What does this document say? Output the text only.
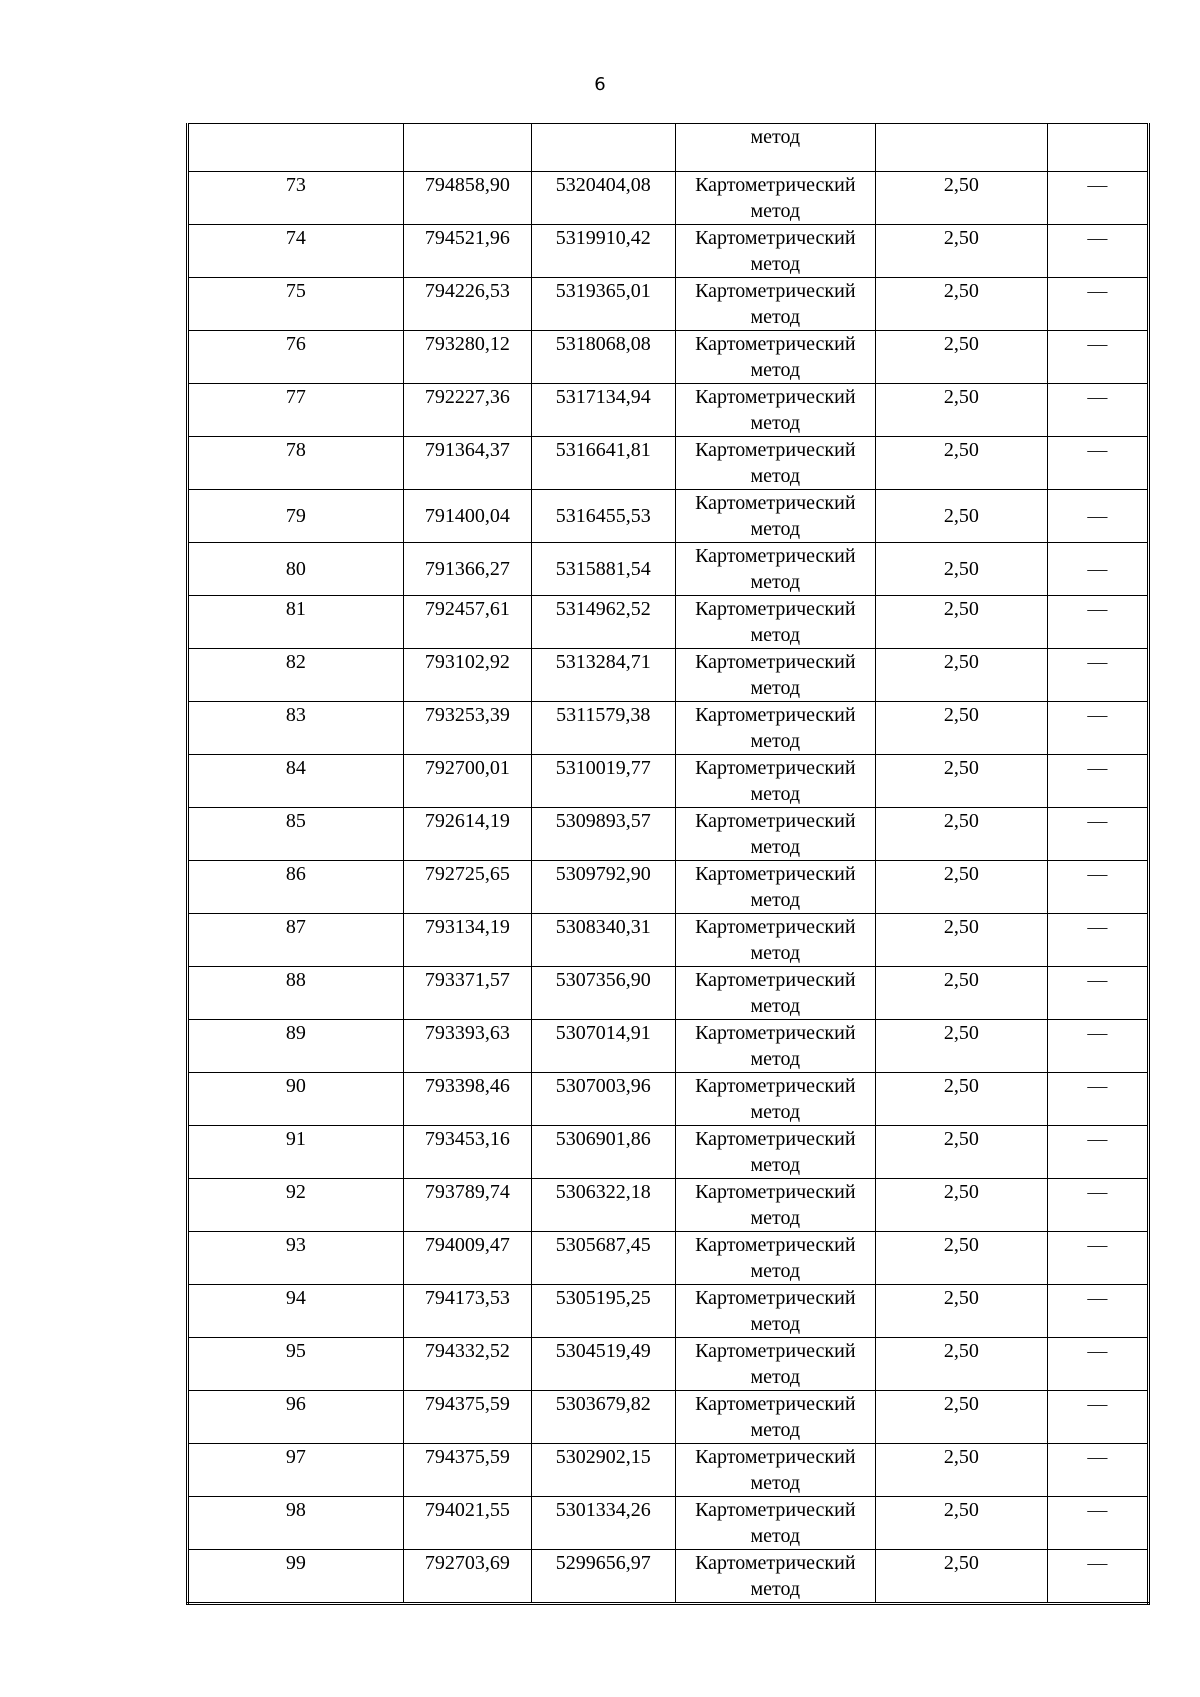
6
			метод		
73	794858,90	5320404,08	Картометрический метод	2,50	—
74	794521,96	5319910,42	Картометрический метод	2,50	—
75	794226,53	5319365,01	Картометрический метод	2,50	—
76	793280,12	5318068,08	Картометрический метод	2,50	—
77	792227,36	5317134,94	Картометрический метод	2,50	—
78	791364,37	5316641,81	Картометрический метод	2,50	—
79	791400,04	5316455,53	Картометрический метод	2,50	—
80	791366,27	5315881,54	Картометрический метод	2,50	—
81	792457,61	5314962,52	Картометрический метод	2,50	—
82	793102,92	5313284,71	Картометрический метод	2,50	—
83	793253,39	5311579,38	Картометрический метод	2,50	—
84	792700,01	5310019,77	Картометрический метод	2,50	—
85	792614,19	5309893,57	Картометрический метод	2,50	—
86	792725,65	5309792,90	Картометрический метод	2,50	—
87	793134,19	5308340,31	Картометрический метод	2,50	—
88	793371,57	5307356,90	Картометрический метод	2,50	—
89	793393,63	5307014,91	Картометрический метод	2,50	—
90	793398,46	5307003,96	Картометрический метод	2,50	—
91	793453,16	5306901,86	Картометрический метод	2,50	—
92	793789,74	5306322,18	Картометрический метод	2,50	—
93	794009,47	5305687,45	Картометрический метод	2,50	—
94	794173,53	5305195,25	Картометрический метод	2,50	—
95	794332,52	5304519,49	Картометрический метод	2,50	—
96	794375,59	5303679,82	Картометрический метод	2,50	—
97	794375,59	5302902,15	Картометрический метод	2,50	—
98	794021,55	5301334,26	Картометрический метод	2,50	—
99	792703,69	5299656,97	Картометрический метод	2,50	—
